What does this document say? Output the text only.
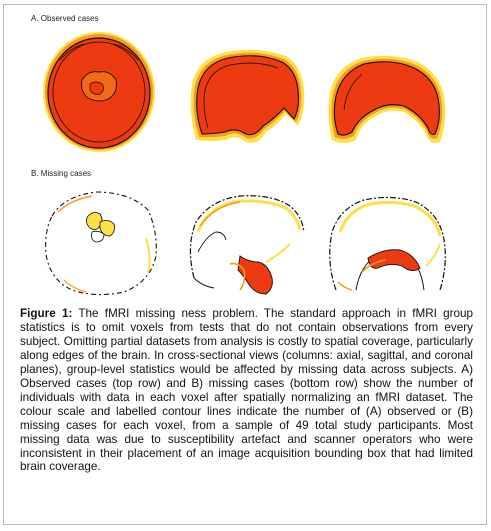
A. Observed cases
B. Missing cases
Figure 1: The fMRI missing ness problem. The standard approach in fMRI group statistics is to omit voxels from tests that do not contain observations from every subject. Omitting partial datasets from analysis is costly to spatial coverage, particularly along edges of the brain. In cross-sectional views (columns: axial, sagittal, and coronal planes), group-level statistics would be affected by missing data across subjects. A) Observed cases (top row) and B) missing cases (bottom row) show the number of individuals with data in each voxel after spatially normalizing an fMRI dataset. The colour scale and labelled contour lines indicate the number of (A) observed or (B) missing cases for each voxel, from a sample of 49 total study participants. Most missing data was due to susceptibility artefact and scanner operators who were inconsistent in their placement of an image acquisition bounding box that had limited brain coverage.
